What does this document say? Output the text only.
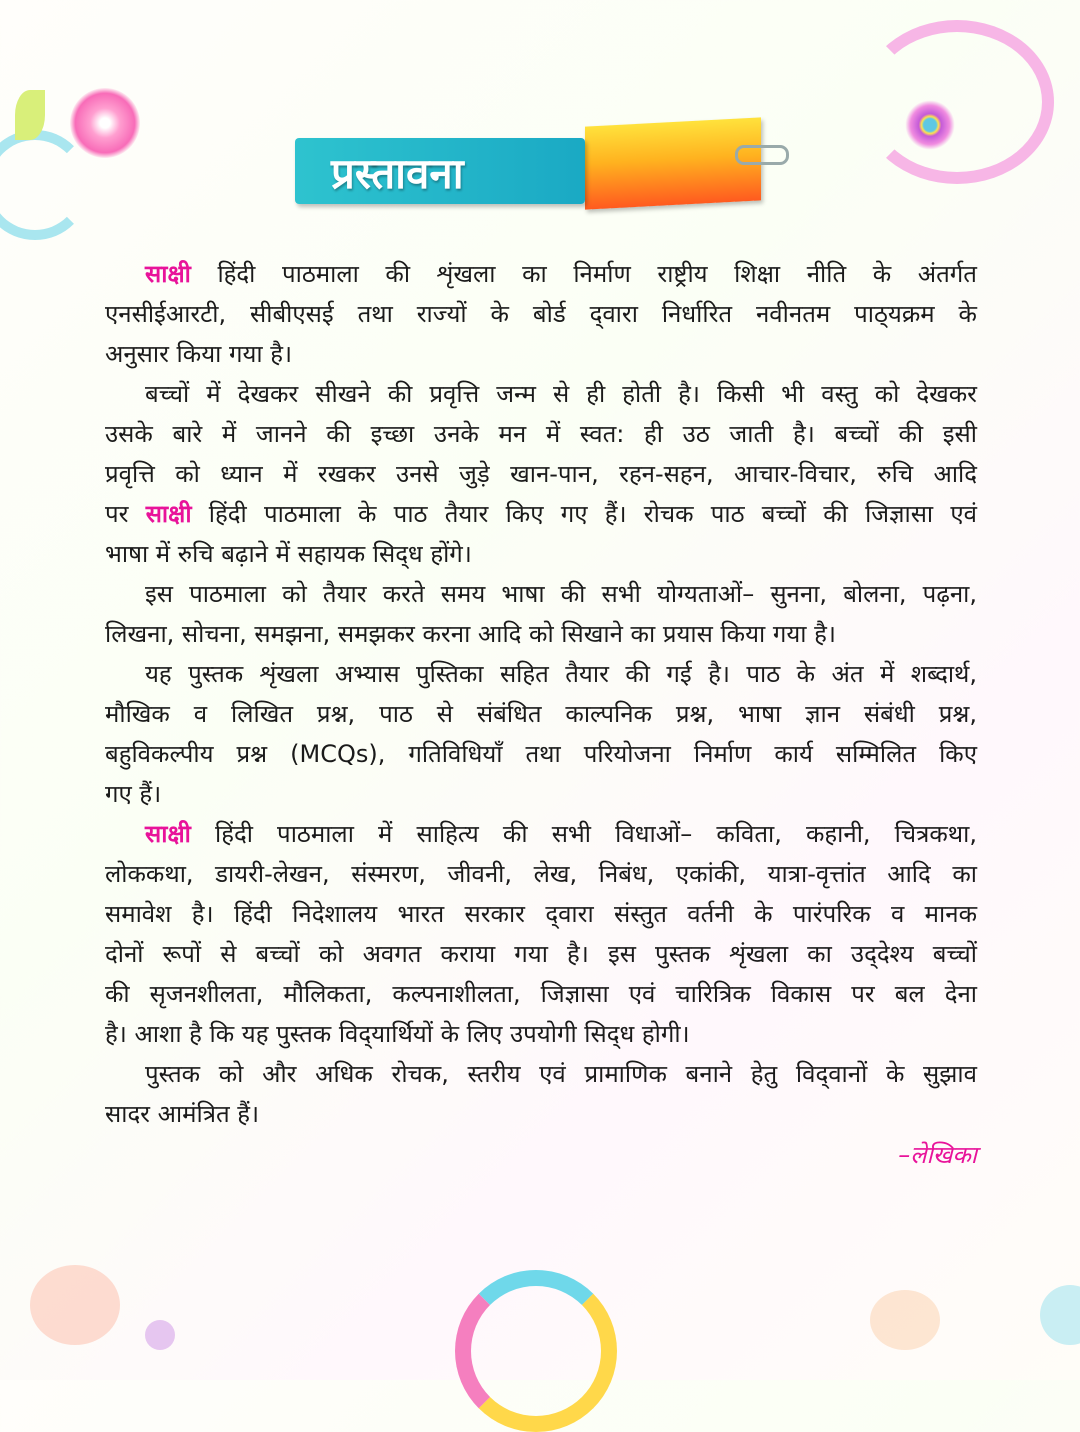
प्रस्तावना
साक्षी हिंदी पाठमाला की शृंखला का निर्माण राष्ट्रीय शिक्षा नीति के अंतर्गत
एनसीईआरटी, सीबीएसई तथा राज्यों के बोर्ड द्‌वारा निर्धारित नवीनतम पाठ्‌यक्रम के
अनुसार किया गया है।
बच्चों में देखकर सीखने की प्रवृत्ति जन्म से ही होती है। किसी भी वस्तु को देखकर
उसके बारे में जानने की इच्छा उनके मन में स्वत: ही उठ जाती है। बच्चों की इसी
प्रवृत्ति को ध्यान में रखकर उनसे जुड़े खान-पान, रहन-सहन, आचार-विचार, रुचि आदि
पर साक्षी हिंदी पाठमाला के पाठ तैयार किए गए हैं। रोचक पाठ बच्चों की जिज्ञासा एवं
भाषा में रुचि बढ़ाने में सहायक सिद्‌ध होंगे।
इस पाठमाला को तैयार करते समय भाषा की सभी योग्यताओं– सुनना, बोलना, पढ़ना,
लिखना, सोचना, समझना, समझकर करना आदि को सिखाने का प्रयास किया गया है।
यह पुस्तक शृंखला अभ्यास पुस्तिका सहित तैयार की गई है। पाठ के अंत में शब्दार्थ,
मौखिक व लिखित प्रश्न, पाठ से संबंधित काल्पनिक प्रश्न, भाषा ज्ञान संबंधी प्रश्न,
बहुविकल्पीय प्रश्न (MCQs), गतिविधियाँ तथा परियोजना निर्माण कार्य सम्मिलित किए
गए हैं।
साक्षी हिंदी पाठमाला में साहित्य की सभी विधाओं– कविता, कहानी, चित्रकथा,
लोककथा, डायरी-लेखन, संस्मरण, जीवनी, लेख, निबंध, एकांकी, यात्रा-वृत्तांत आदि का
समावेश है। हिंदी निदेशालय भारत सरकार द्‌वारा संस्तुत वर्तनी के पारंपरिक व मानक
दोनों रूपों से बच्चों को अवगत कराया गया है। इस पुस्तक शृंखला का उद्‌देश्य बच्चों
की सृजनशीलता, मौलिकता, कल्पनाशीलता, जिज्ञासा एवं चारित्रिक विकास पर बल देना
है। आशा है कि यह पुस्तक विद्‌यार्थियों के लिए उपयोगी सिद्‌ध होगी।
पुस्तक को और अधिक रोचक, स्तरीय एवं प्रामाणिक बनाने हेतु विद्‌वानों के सुझाव
सादर आमंत्रित हैं।
–लेखिका
